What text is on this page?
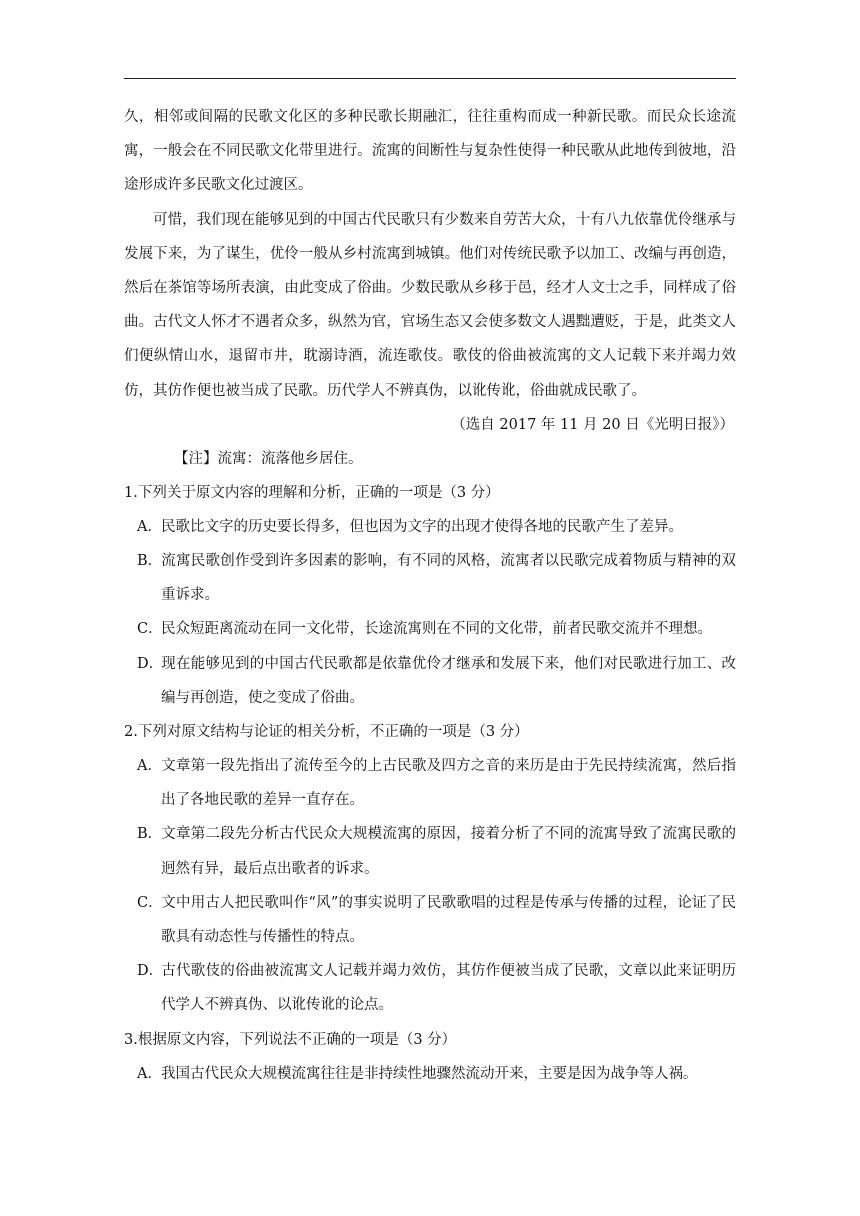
久，相邻或间隔的民歌文化区的多种民歌长期融汇，往往重构而成一种新民歌。而民众长途流寓，一般会在不同民歌文化带里进行。流寓的间断性与复杂性使得一种民歌从此地传到彼地，沿途形成许多民歌文化过渡区。

可惜，我们现在能够见到的中国古代民歌只有少数来自劳苦大众，十有八九依靠优伶继承与发展下来，为了谋生，优伶一般从乡村流寓到城镇。他们对传统民歌予以加工、改编与再创造，然后在茶馆等场所表演，由此变成了俗曲。少数民歌从乡移于邑，经才人文士之手，同样成了俗曲。古代文人怀才不遇者众多，纵然为官，官场生态又会使多数文人遇黜遭贬，于是，此类文人们便纵情山水，退留市井，耽溺诗酒，流连歌伎。歌伎的俗曲被流寓的文人记载下来并竭力效仿，其仿作便也被当成了民歌。历代学人不辨真伪，以讹传讹，俗曲就成民歌了。

（选自 2017 年 11 月 20 日《光明日报》）

【注】流寓：流落他乡居住。

1.下列关于原文内容的理解和分析，正确的一项是（3 分）

A．民歌比文字的历史要长得多，但也因为文字的出现才使得各地的民歌产生了差异。

B．流寓民歌创作受到许多因素的影响，有不同的风格，流寓者以民歌完成着物质与精神的双重诉求。

C．民众短距离流动在同一文化带，长途流寓则在不同的文化带，前者民歌交流并不理想。

D．现在能够见到的中国古代民歌都是依靠优伶才继承和发展下来，他们对民歌进行加工、改编与再创造，使之变成了俗曲。

2.下列对原文结构与论证的相关分析，不正确的一项是（3 分）

A．文章第一段先指出了流传至今的上古民歌及四方之音的来历是由于先民持续流寓，然后指出了各地民歌的差异一直存在。

B．文章第二段先分析古代民众大规模流寓的原因，接着分析了不同的流寓导致了流寓民歌的迥然有异，最后点出歌者的诉求。

C．文中用古人把民歌叫作“风”的事实说明了民歌歌唱的过程是传承与传播的过程，论证了民歌具有动态性与传播性的特点。

D．古代歌伎的俗曲被流寓文人记载并竭力效仿，其仿作便被当成了民歌，文章以此来证明历代学人不辨真伪、以讹传讹的论点。

3.根据原文内容，下列说法不正确的一项是（3 分）

A．我国古代民众大规模流寓往往是非持续性地骤然流动开来，主要是因为战争等人祸。
